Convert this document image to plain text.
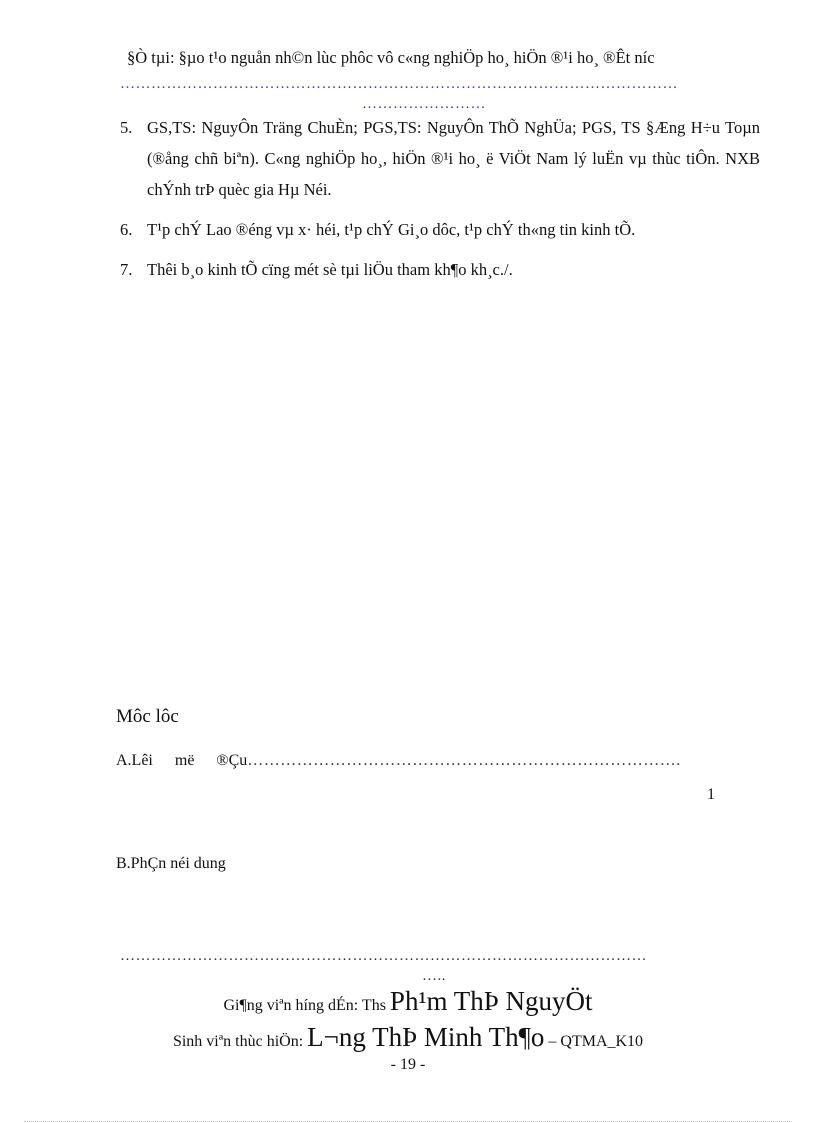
§Ò tµi: §µo t¹o nguån nh©n lùc phôc vô c«ng nghiÖp ho¸ hiÖn ®¹i ho¸ ®Êt níc
………………………………………………………………………………………………
……………………
5. GS,TS: NguyÔn Träng ChuÈn; PGS,TS: NguyÔn ThÕ NghÜa; PGS, TS §Æng H÷u Toµn (®ång chñ biªn). C«ng nghiÖp ho¸, hiÖn ®¹i ho¸ ë ViÖt Nam lý luËn vµ thùc tiÔn. NXB chÝnh trÞ quèc gia Hµ Néi.
6. T¹p chÝ Lao ®éng vµ x· héi, t¹p chÝ Gi¸o dôc, t¹p chÝ th«ng tin kinh tÕ.
7. Thêi b¸o kinh tÕ cïng mét sè tµi liÖu tham kh¶o kh¸c./.
Môc lôc
A.Lêi më ®Çu…………………………………………………………………….
1
B.PhÇn néi dung
…………………………………………………………………………………………
…..
Gi¶ng viªn híng dÉn: Ths Ph¹m ThÞ NguyÖt
Sinh viªn thùc hiÖn: L¬ng ThÞ Minh Th¶o – QTMA_K10
- 19 -
